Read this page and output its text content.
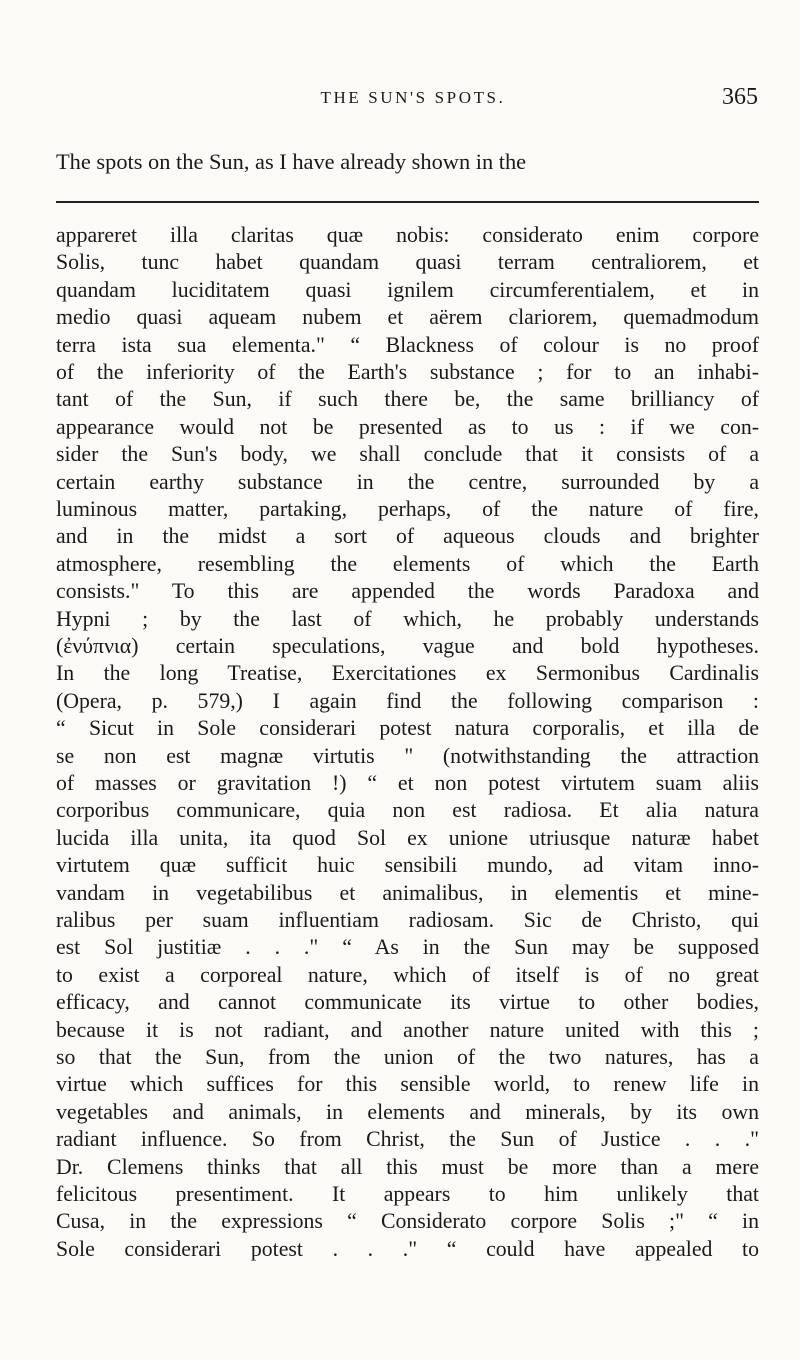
THE SUN'S SPOTS.	365
The spots on the Sun, as I have already shown in the
appareret illa claritas quæ nobis: considerato enim corpore
Solis, tunc habet quandam quasi terram centraliorem, et
quandam luciditatem quasi ignilem circumferentialem, et in
medio quasi aqueam nubem et aërem clariorem, quemadmodum
terra ista sua elementa." “ Blackness of colour is no proof
of the inferiority of the Earth's substance ; for to an inhabi-
tant of the Sun, if such there be, the same brilliancy of
appearance would not be presented as to us : if we con-
sider the Sun's body, we shall conclude that it consists of a
certain earthy substance in the centre, surrounded by a
luminous matter, partaking, perhaps, of the nature of fire,
and in the midst a sort of aqueous clouds and brighter
atmosphere, resembling the elements of which the Earth
consists." To this are appended the words Paradoxa and
Hypni ; by the last of which, he probably understands
(ἐνύπνια) certain speculations, vague and bold hypotheses.
In the long Treatise, Exercitationes ex Sermonibus Cardinalis
(Opera, p. 579,) I again find the following comparison :
“ Sicut in Sole considerari potest natura corporalis, et illa de
se non est magnæ virtutis " (notwithstanding the attraction
of masses or gravitation !) “ et non potest virtutem suam aliis
corporibus communicare, quia non est radiosa. Et alia natura
lucida illa unita, ita quod Sol ex unione utriusque naturæ habet
virtutem quæ sufficit huic sensibili mundo, ad vitam inno-
vandam in vegetabilibus et animalibus, in elementis et mine-
ralibus per suam influentiam radiosam. Sic de Christo, qui
est Sol justitiæ . . ." “ As in the Sun may be supposed
to exist a corporeal nature, which of itself is of no great
efficacy, and cannot communicate its virtue to other bodies,
because it is not radiant, and another nature united with this ;
so that the Sun, from the union of the two natures, has a
virtue which suffices for this sensible world, to renew life in
vegetables and animals, in elements and minerals, by its own
radiant influence. So from Christ, the Sun of Justice . . ."
Dr. Clemens thinks that all this must be more than a mere
felicitous presentiment. It appears to him unlikely that
Cusa, in the expressions “ Considerato corpore Solis ;" “ in
Sole considerari potest . . ." “ could have appealed to
